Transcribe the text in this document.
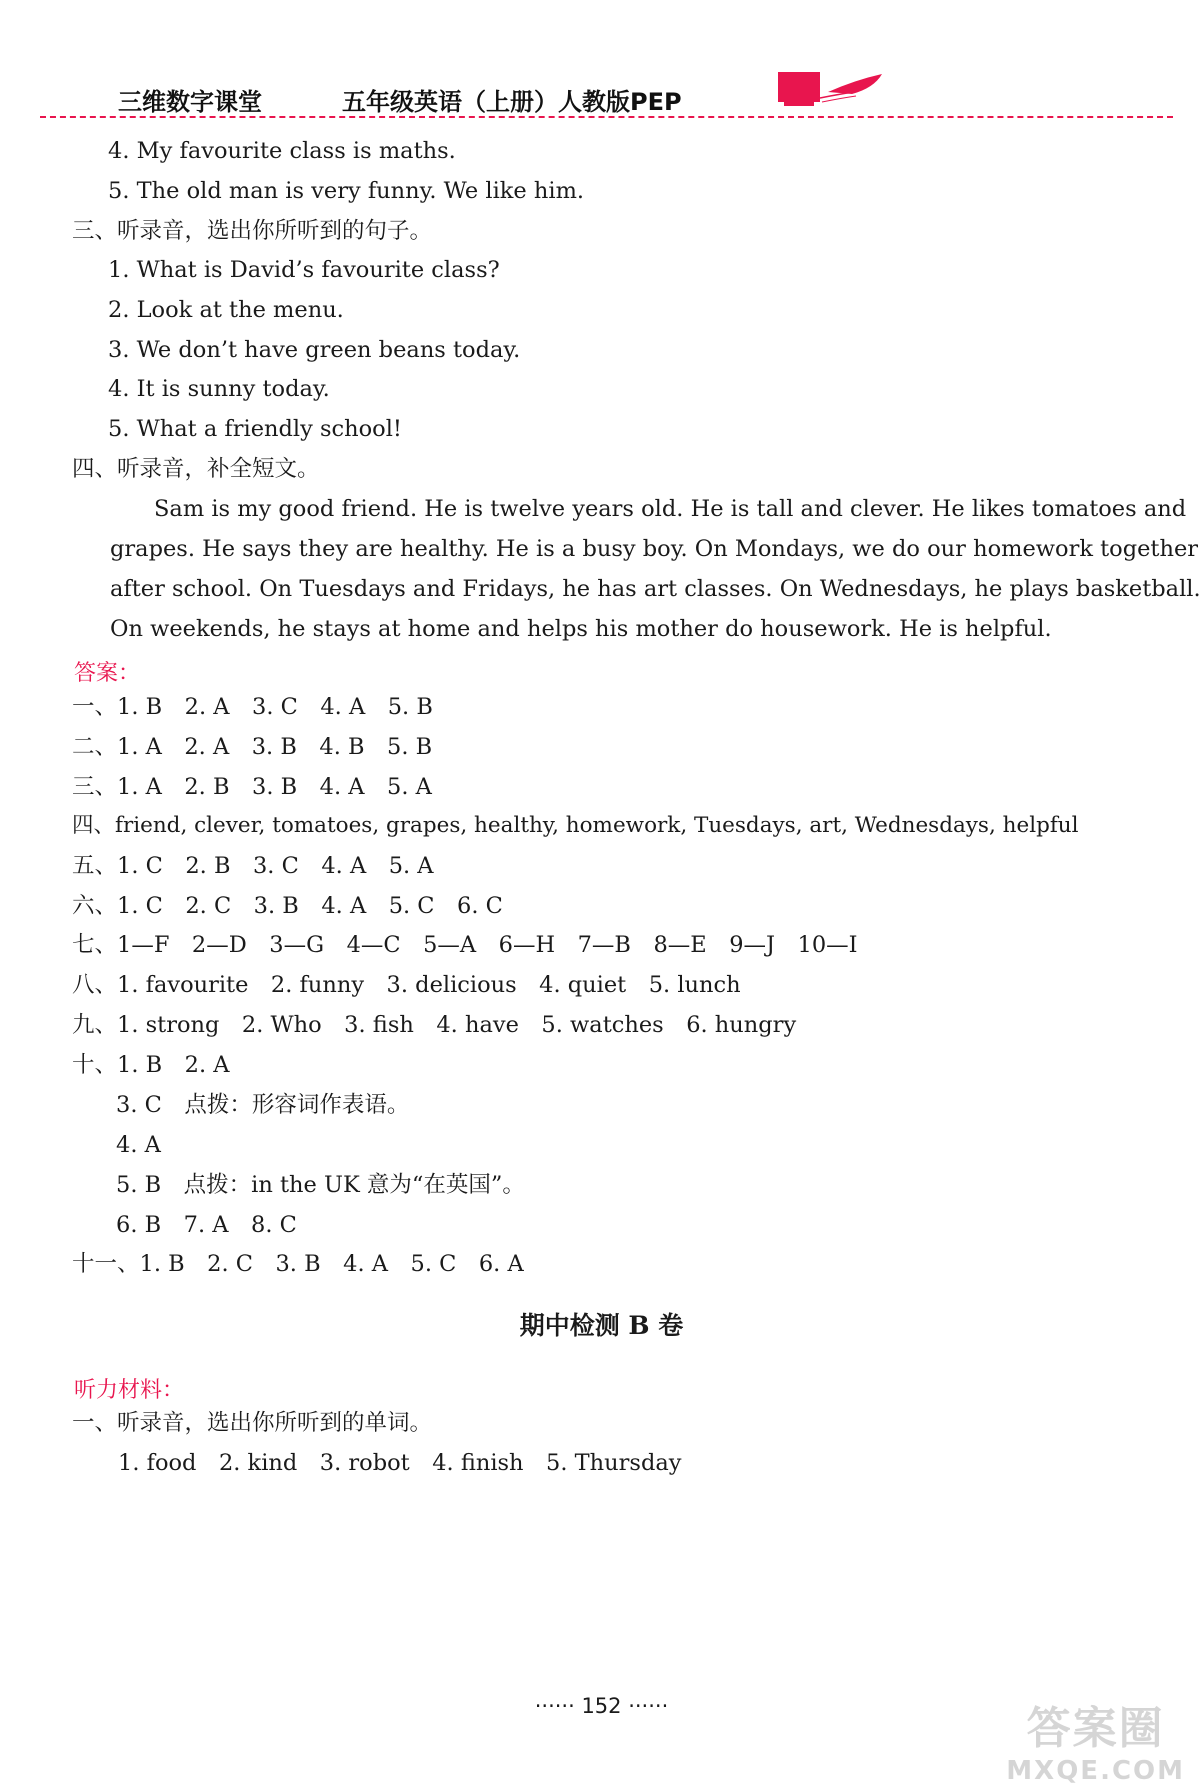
三维数字课堂	五年级英语（上册）人教版PEP
4. My favourite class is maths.
5. The old man is very funny. We like him.
三、听录音，选出你所听到的句子。
1. What is David’s favourite class?
2. Look at the menu.
3. We don’t have green beans today.
4. It is sunny today.
5. What a friendly school!
四、听录音，补全短文。
Sam is my good friend. He is twelve years old. He is tall and clever. He likes tomatoes and
grapes. He says they are healthy. He is a busy boy. On Mondays, we do our homework together
after school. On Tuesdays and Fridays, he has art classes. On Wednesdays, he plays basketball.
On weekends, he stays at home and helps his mother do housework. He is helpful.
答案：
一、1. B　2. A　3. C　4. A　5. B
二、1. A　2. A　3. B　4. B　5. B
三、1. A　2. B　3. B　4. A　5. A
四、friend, clever, tomatoes, grapes, healthy, homework, Tuesdays, art, Wednesdays, helpful
五、1. C　2. B　3. C　4. A　5. A
六、1. C　2. C　3. B　4. A　5. C　6. C
七、1—F　2—D　3—G　4—C　5—A　6—H　7—B　8—E　9—J　10—I
八、1. favourite　2. funny　3. delicious　4. quiet　5. lunch
九、1. strong　2. Who　3. fish　4. have　5. watches　6. hungry
十、1. B　2. A
3. C　点拨：形容词作表语。
4. A
5. B　点拨：in the UK 意为“在英国”。
6. B　7. A　8. C
十一、1. B　2. C　3. B　4. A　5. C　6. A
期中检测 B 卷
听力材料：
一、听录音，选出你所听到的单词。
1. food　2. kind　3. robot　4. finish　5. Thursday
······ 152 ······	答案圈
MXQE.COM
